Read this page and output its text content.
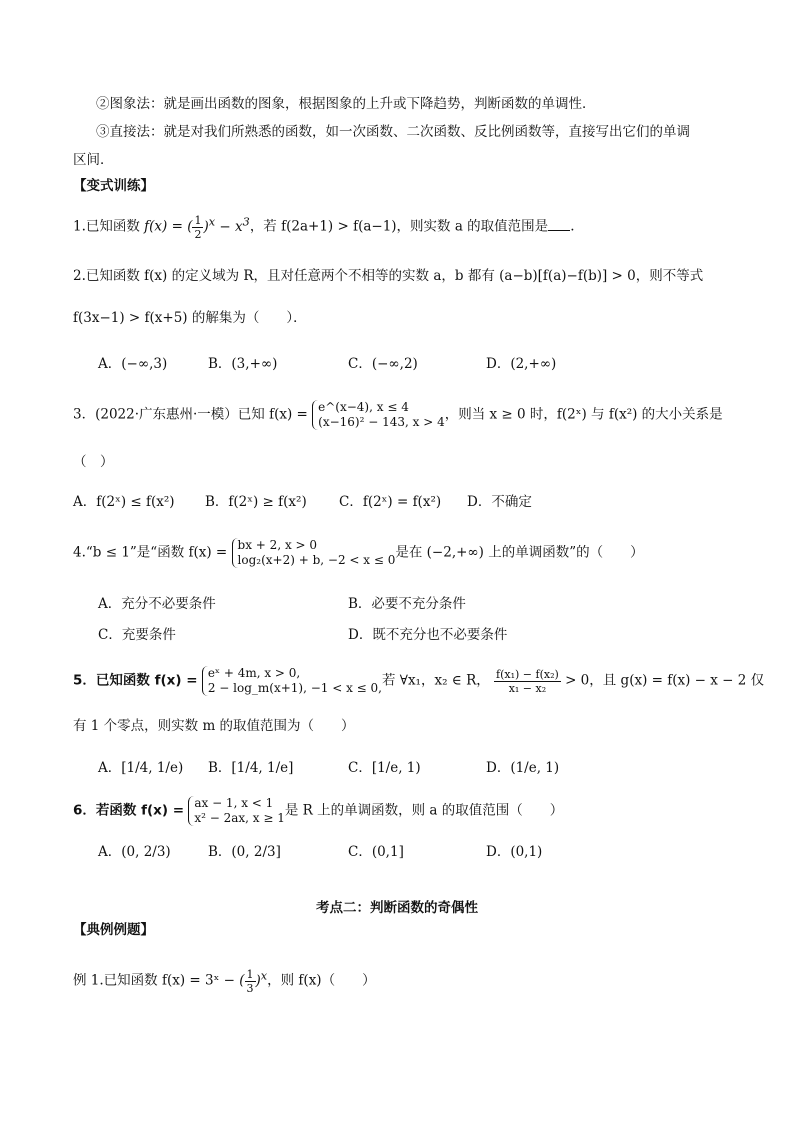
②图象法：就是画出函数的图象，根据图象的上升或下降趋势，判断函数的单调性．
③直接法：就是对我们所熟悉的函数，如一次函数、二次函数、反比例函数等，直接写出它们的单调
区间．
【变式训练】
1.已知函数 f(x) = ( $\frac{1}{2} )^x - x^3$，若 f(2a+1) > f(a−1)，则实数 a 的取值范围是 .
2.已知函数 f(x) 的定义域为 R，且对任意两个不相等的实数 a，b 都有 (a−b)[f(a)−f(b)] > 0，则不等式
f(3x−1) > f(x+5) 的解集为（　　）．
A．(−∞,3)	B．(3,+∞)	C．(−∞,2)	D．(2,+∞)
3．(2022·广东惠州·一模）已知 f(x) = e^(x−4), x ≤ 4
(x−16)² − 143, x > 4 ，则当 x ≥ 0 时，f(2ˣ) 与 f(x²) 的大小关系是
（　）
A．f(2ˣ) ≤ f(x²) B．f(2ˣ) ≥ f(x²) C．f(2ˣ) = f(x²) D．不确定
4.“b ≤ 1”是“函数 f(x) = bx + 2, x > 0
log₂(x+2) + b, −2 < x ≤ 0 是在 (−2,+∞) 上的单调函数”的（　　）
A．充分不必要条件	B．必要不充分条件
C．充要条件	D．既不充分也不必要条件
5．已知函数 f(x) = eˣ + 4m, x > 0,
2 − log_m(x+1), −1 < x ≤ 0, 若 ∀x₁，x₂ ∈ R， $\frac{\text{f(x₁) − f(x₂)}}{\text{x₁ − x₂}} > 0$，且 g(x) = f(x) − x − 2 仅
有 1 个零点，则实数 m 的取值范围为（　　）
A．[1/4, 1/e) B．[1/4, 1/e]	C．[1/e, 1)	D．(1/e, 1)
6．若函数 f(x) = ax − 1, x < 1
x² − 2ax, x ≥ 1 是 R 上的单调函数，则 a 的取值范围（　　）
A．(0, 2/3)	B．(0, 2/3]	C．(0,1]	D．(0,1)
考点二：判断函数的奇偶性
【典例例题】
例 1.已知函数 f(x) = 3ˣ − ( $\frac{1}{3} )^x$，则 f(x)（　　）
